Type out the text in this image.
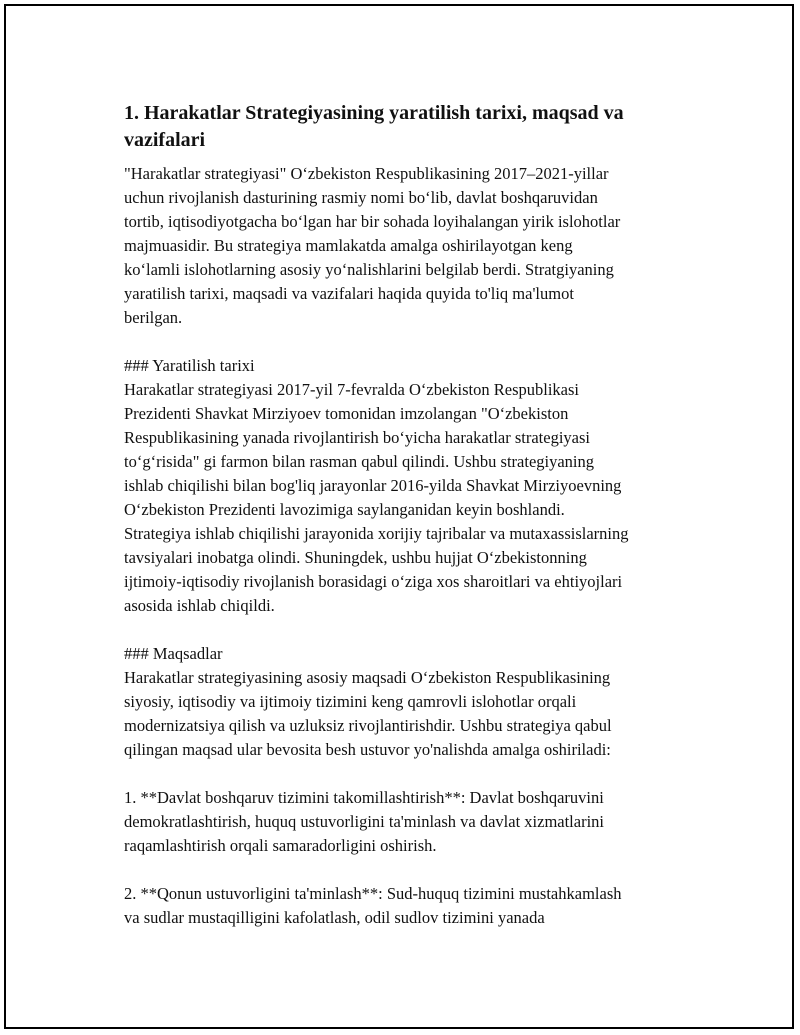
1. Harakatlar Strategiyasining yaratilish tarixi, maqsad va vazifalari

"Harakatlar strategiyasi" Oʻzbekiston Respublikasining 2017–2021-yillar
uchun rivojlanish dasturining rasmiy nomi boʻlib, davlat boshqaruvidan
tortib, iqtisodiyotgacha boʻlgan har bir sohada loyihalangan yirik islohotlar
majmuasidir. Bu strategiya mamlakatda amalga oshirilayotgan keng
koʻlamli islohotlarning asosiy yoʻnalishlarini belgilab berdi. Stratgiyaning
yaratilish tarixi, maqsadi va vazifalari haqida quyida to'liq ma'lumot
berilgan.

### Yaratilish tarixi
Harakatlar strategiyasi 2017-yil 7-fevralda Oʻzbekiston Respublikasi
Prezidenti Shavkat Mirziyoev tomonidan imzolangan "Oʻzbekiston
Respublikasining yanada rivojlantirish boʻyicha harakatlar strategiyasi
toʻgʻrisida" gi farmon bilan rasman qabul qilindi. Ushbu strategiyaning
ishlab chiqilishi bilan bog'liq jarayonlar 2016-yilda Shavkat Mirziyoevning
Oʻzbekiston Prezidenti lavozimiga saylanganidan keyin boshlandi.
Strategiya ishlab chiqilishi jarayonida xorijiy tajribalar va mutaxassislarning
tavsiyalari inobatga olindi. Shuningdek, ushbu hujjat Oʻzbekistonning
ijtimoiy-iqtisodiy rivojlanish borasidagi oʻziga xos sharoitlari va ehtiyojlari
asosida ishlab chiqildi.

### Maqsadlar
Harakatlar strategiyasining asosiy maqsadi Oʻzbekiston Respublikasining
siyosiy, iqtisodiy va ijtimoiy tizimini keng qamrovli islohotlar orqali
modernizatsiya qilish va uzluksiz rivojlantirishdir. Ushbu strategiya qabul
qilingan maqsad ular bevosita besh ustuvor yo'nalishda amalga oshiriladi:

1. **Davlat boshqaruv tizimini takomillashtirish**: Davlat boshqaruvini
demokratlashtirish, huquq ustuvorligini ta'minlash va davlat xizmatlarini
raqamlashtirish orqali samaradorligini oshirish.

2. **Qonun ustuvorligini ta'minlash**: Sud-huquq tizimini mustahkamlash
va sudlar mustaqilligini kafolatlash, odil sudlov tizimini yanada
